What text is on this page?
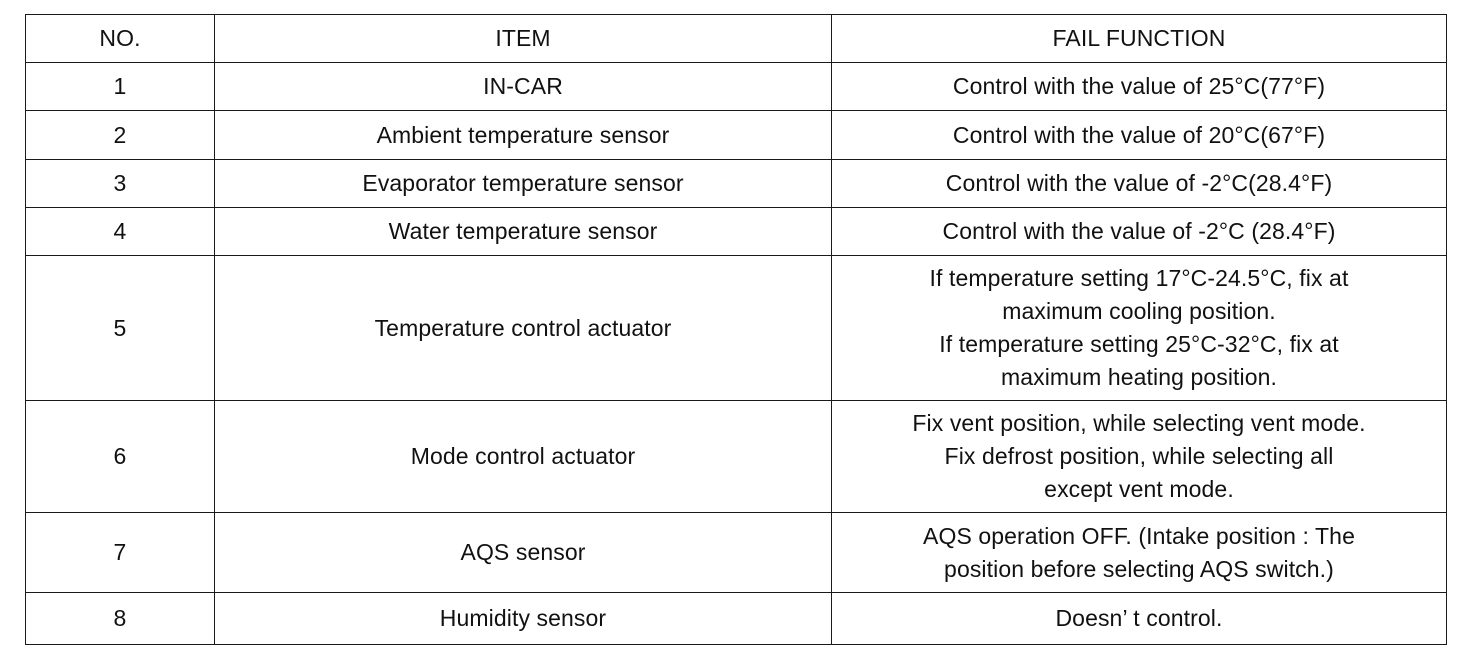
NO.	ITEM	FAIL FUNCTION
1	IN-CAR	Control with the value of 25°C(77°F)

2	Ambient temperature sensor	Control with the value of 20°C(67°F)

3	Evaporator temperature sensor	Control with the value of -2°C(28.4°F)

4	Water temperature sensor	Control with the value of -2°C (28.4°F)

5	Temperature control actuator	If temperature setting 17°C-24.5°C, fix at
maximum cooling position.
If temperature setting 25°C-32°C, fix at
maximum heating position.

6	Mode control actuator	Fix vent position, while selecting vent mode.
Fix defrost position, while selecting all
except vent mode.

7	AQS sensor	AQS operation OFF. (Intake position : The
position before selecting AQS switch.)

8	Humidity sensor	Doesn’ t control.
